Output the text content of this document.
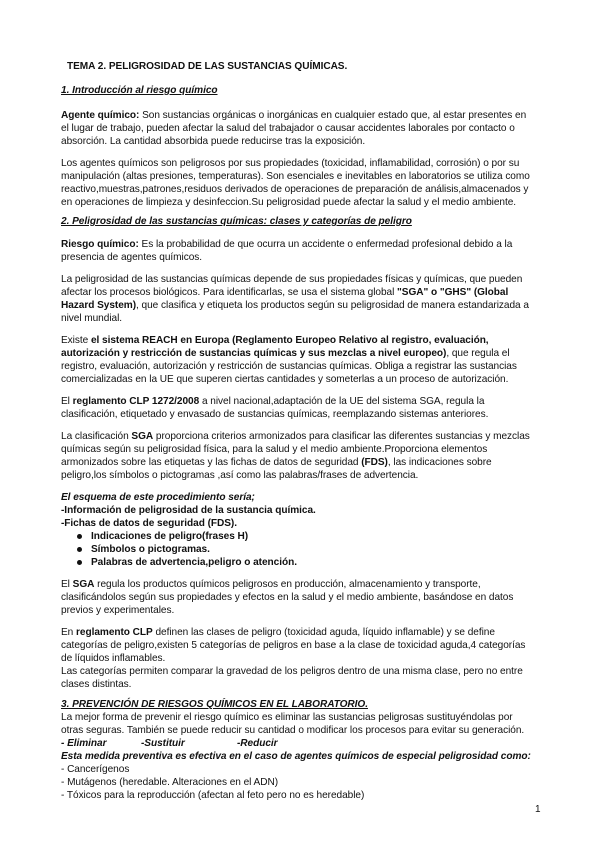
TEMA 2. PELIGROSIDAD DE LAS SUSTANCIAS QUÍMICAS.
1. Introducción al riesgo químico
Agente químico: Son sustancias orgánicas o inorgánicas en cualquier estado que, al estar presentes en
el lugar de trabajo, pueden afectar la salud del trabajador o causar accidentes laborales por contacto o
absorción. La cantidad absorbida puede reducirse tras la exposición.
Los agentes químicos son peligrosos por sus propiedades (toxicidad, inflamabilidad, corrosión) o por su
manipulación (altas presiones, temperaturas). Son esenciales e inevitables en laboratorios se utiliza como
reactivo,muestras,patrones,residuos derivados de operaciones de preparación de análisis,almacenados y
en operaciones de limpieza y desinfeccion.Su peligrosidad puede afectar la salud y el medio ambiente.
2. Peligrosidad de las sustancias químicas: clases y categorías de peligro
Riesgo químico: Es la probabilidad de que ocurra un accidente o enfermedad profesional debido a la
presencia de agentes químicos.
La peligrosidad de las sustancias químicas depende de sus propiedades físicas y químicas, que pueden
afectar los procesos biológicos. Para identificarlas, se usa el sistema global "SGA" o "GHS" (Global
Hazard System), que clasifica y etiqueta los productos según su peligrosidad de manera estandarizada a
nivel mundial.
Existe el sistema REACH en Europa (Reglamento Europeo Relativo al registro, evaluación,
autorización y restricción de sustancias químicas y sus mezclas a nivel europeo), que regula el
registro, evaluación, autorización y restricción de sustancias químicas. Obliga a registrar las sustancias
comercializadas en la UE que superen ciertas cantidades y someterlas a un proceso de autorización.
El reglamento CLP 1272/2008 a nivel nacional,adaptación de la UE del sistema SGA, regula la
clasificación, etiquetado y envasado de sustancias químicas, reemplazando sistemas anteriores.
La clasificación SGA proporciona criterios armonizados para clasificar las diferentes sustancias y mezclas
químicas según su peligrosidad física, para la salud y el medio ambiente.Proporciona elementos
armonizados sobre las etiquetas y las fichas de datos de seguridad (FDS), las indicaciones sobre
peligro,los símbolos o pictogramas ,así como las palabras/frases de advertencia.
El esquema de este procedimiento sería;
-Información de peligrosidad de la sustancia química.
-Fichas de datos de seguridad (FDS).
Indicaciones de peligro(frases H)
Símbolos o pictogramas.
Palabras de advertencia,peligro o atención.
El SGA regula los productos químicos peligrosos en producción, almacenamiento y transporte,
clasificándolos según sus propiedades y efectos en la salud y el medio ambiente, basándose en datos
previos y experimentales.
En reglamento CLP definen las clases de peligro (toxicidad aguda, líquido inflamable) y se define
categorías de peligro,existen 5 categorías de peligros en base a la clase de toxicidad aguda,4 categorías
de líquidos inflamables.
Las categorías permiten comparar la gravedad de los peligros dentro de una misma clase, pero no entre
clases distintas.
3. PREVENCIÓN DE RIESGOS QUÍMICOS EN EL LABORATORIO.
La mejor forma de prevenir el riesgo químico es eliminar las sustancias peligrosas sustituyéndolas por
otras seguras. También se puede reducir su cantidad o modificar los procesos para evitar su generación.
- Eliminar	-Sustituir	-Reducir
Esta medida preventiva es efectiva en el caso de agentes químicos de especial peligrosidad como:
- Cancerígenos
- Mutágenos (heredable. Alteraciones en el ADN)
- Tóxicos para la reproducción (afectan al feto pero no es heredable)
1
